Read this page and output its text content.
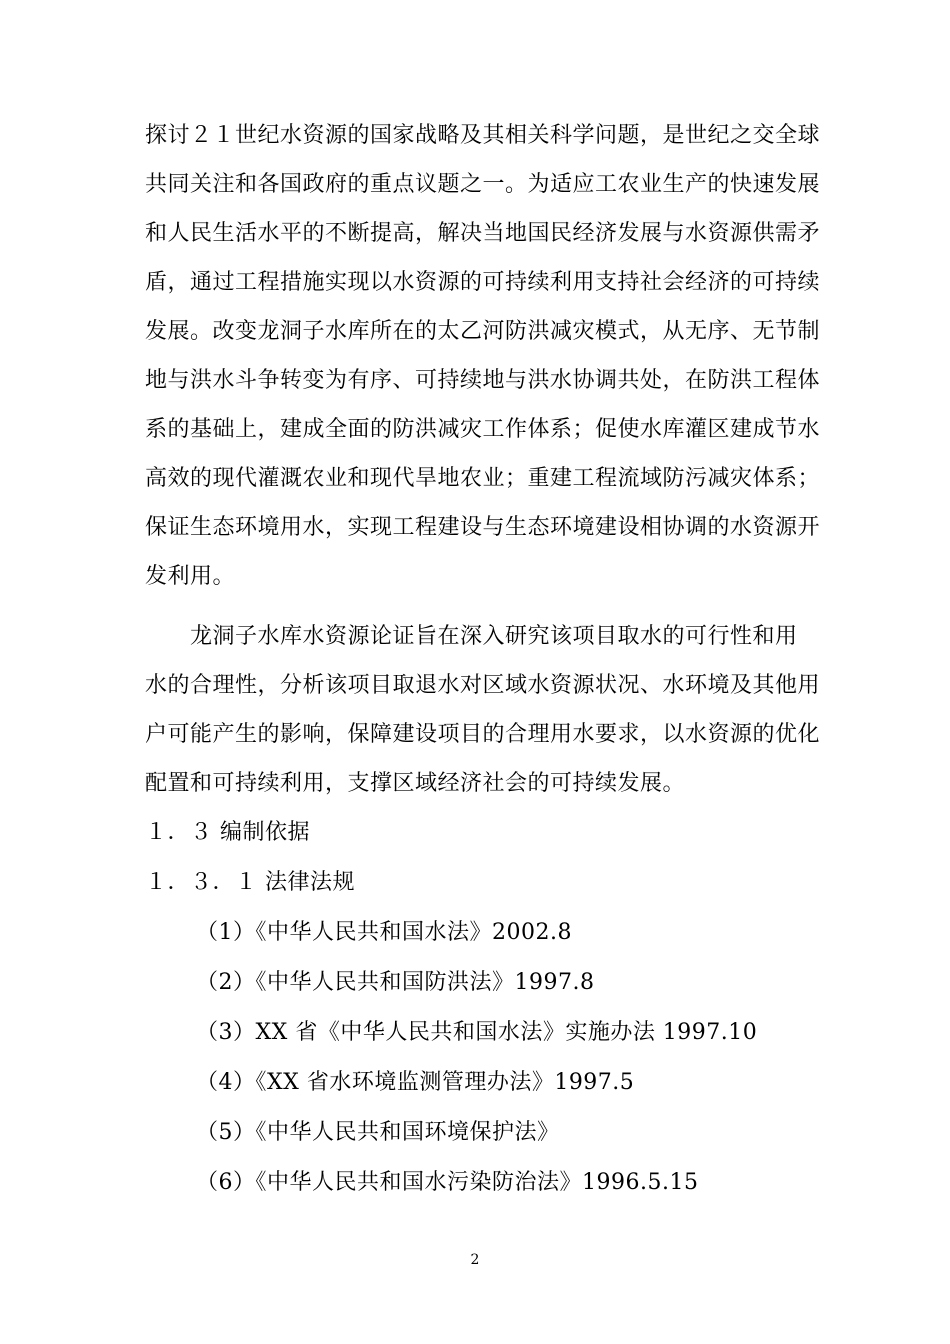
探讨２１世纪水资源的国家战略及其相关科学问题，是世纪之交全球
共同关注和各国政府的重点议题之一。为适应工农业生产的快速发展
和人民生活水平的不断提高，解决当地国民经济发展与水资源供需矛
盾，通过工程措施实现以水资源的可持续利用支持社会经济的可持续
发展。改变龙洞子水库所在的太乙河防洪减灾模式，从无序、无节制
地与洪水斗争转变为有序、可持续地与洪水协调共处，在防洪工程体
系的基础上，建成全面的防洪减灾工作体系；促使水库灌区建成节水
高效的现代灌溉农业和现代旱地农业；重建工程流域防污减灾体系；
保证生态环境用水，实现工程建设与生态环境建设相协调的水资源开
发利用。
龙洞子水库水资源论证旨在深入研究该项目取水的可行性和用
水的合理性，分析该项目取退水对区域水资源状况、水环境及其他用
户可能产生的影响，保障建设项目的合理用水要求，以水资源的优化
配置和可持续利用，支撑区域经济社会的可持续发展。
１．３ 编制依据
１．３．１ 法律法规
（1）《中华人民共和国水法》2002.8
（2）《中华人民共和国防洪法》1997.8
（3）XX 省《中华人民共和国水法》实施办法 1997.10
（4）《XX 省水环境监测管理办法》1997.5
（5）《中华人民共和国环境保护法》
（6）《中华人民共和国水污染防治法》1996.5.15
2
